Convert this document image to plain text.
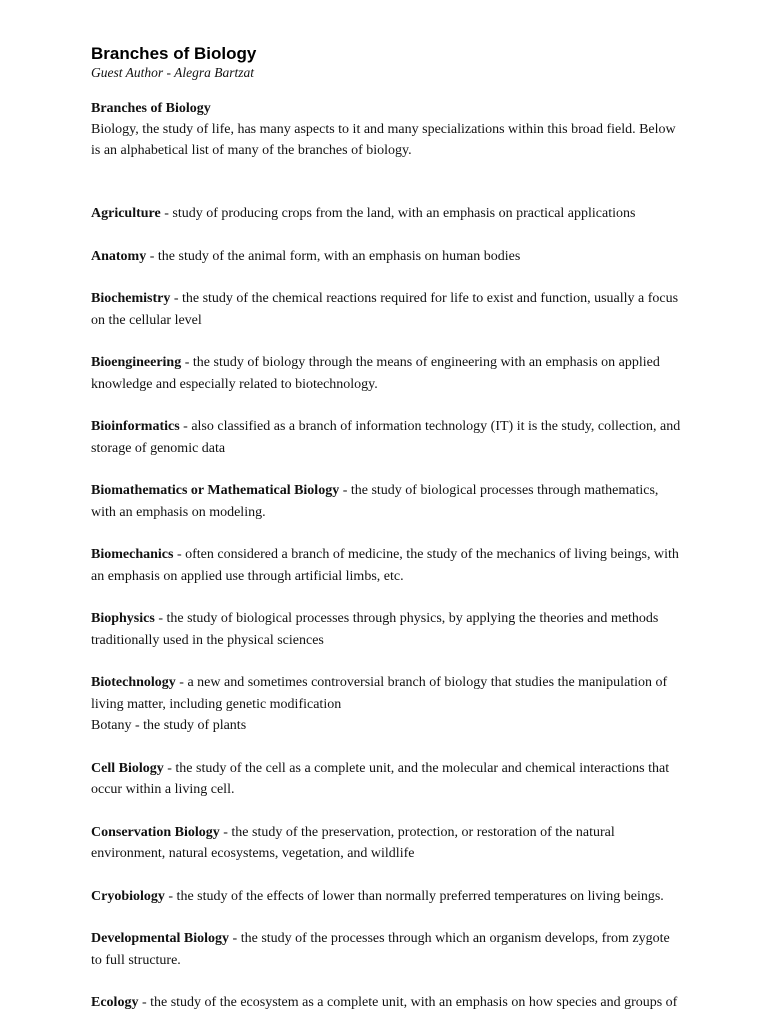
Branches of Biology

Guest Author - Alegra Bartzat

Branches of Biology

Biology, the study of life, has many aspects to it and many specializations within this broad field. Below is an alphabetical list of many of the branches of biology.

Agriculture - study of producing crops from the land, with an emphasis on practical applications

Anatomy - the study of the animal form, with an emphasis on human bodies

Biochemistry - the study of the chemical reactions required for life to exist and function, usually a focus on the cellular level

Bioengineering - the study of biology through the means of engineering with an emphasis on applied knowledge and especially related to biotechnology.

Bioinformatics - also classified as a branch of information technology (IT) it is the study, collection, and storage of genomic data

Biomathematics or Mathematical Biology - the study of biological processes through mathematics, with an emphasis on modeling.

Biomechanics - often considered a branch of medicine, the study of the mechanics of living beings, with an emphasis on applied use through artificial limbs, etc.

Biophysics - the study of biological processes through physics, by applying the theories and methods traditionally used in the physical sciences

Biotechnology - a new and sometimes controversial branch of biology that studies the manipulation of living matter, including genetic modification
Botany - the study of plants

Cell Biology - the study of the cell as a complete unit, and the molecular and chemical interactions that occur within a living cell.

Conservation Biology - the study of the preservation, protection, or restoration of the natural environment, natural ecosystems, vegetation, and wildlife

Cryobiology - the study of the effects of lower than normally preferred temperatures on living beings.

Developmental Biology - the study of the processes through which an organism develops, from zygote to full structure.

Ecology - the study of the ecosystem as a complete unit, with an emphasis on how species and groups of
